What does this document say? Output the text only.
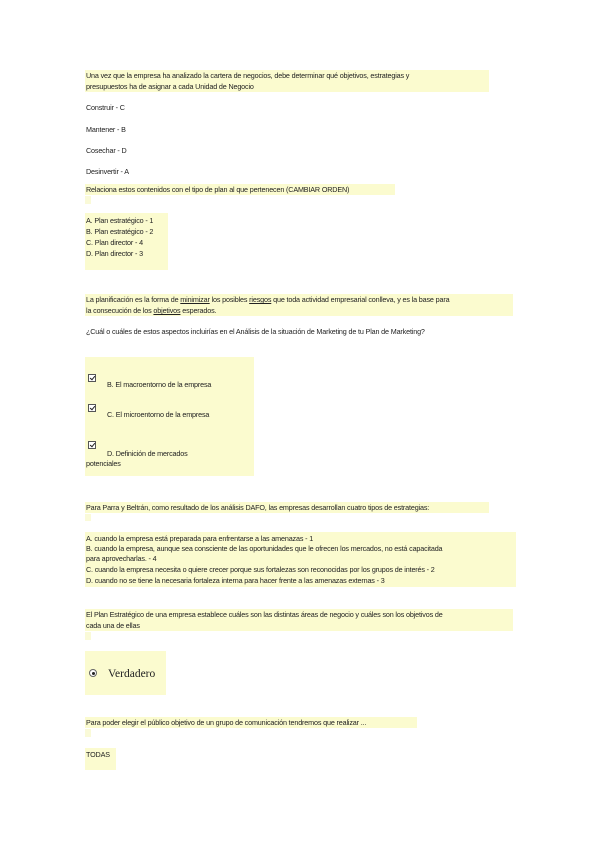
Una vez que la empresa ha analizado la cartera de negocios, debe determinar qué objetivos, estrategias y
presupuestos ha de asignar a cada Unidad de Negocio
Construir - C
Mantener - B
Cosechar - D
Desinvertir - A
Relaciona estos contenidos con el tipo de plan al que pertenecen (CAMBIAR ORDEN)
A. Plan estratégico - 1
B. Plan estratégico - 2
C. Plan director - 4
D. Plan director - 3
La planificación es la forma de minimizar los posibles riesgos que toda actividad empresarial conlleva, y es la base para
la consecución de los objetivos esperados.
¿Cuál o cuáles de estos aspectos incluirías en el Análisis de la situación de Marketing de tu Plan de Marketing?
B. El macroentorno de la empresa
C. El microentorno de la empresa
D. Definición de mercados
potenciales
Para Parra y Beltrán, como resultado de los análisis DAFO, las empresas desarrollan cuatro tipos de estrategias:
A. cuando la empresa está preparada para enfrentarse a las amenazas - 1
B. cuando la empresa, aunque sea consciente de las oportunidades que le ofrecen los mercados, no está capacitada
para aprovecharlas. - 4
C. cuando la empresa necesita o quiere crecer porque sus fortalezas son reconocidas por los grupos de interés - 2
D. cuando no se tiene la necesaria fortaleza interna para hacer frente a las amenazas externas - 3
El Plan Estratégico de una empresa establece cuáles son las distintas áreas de negocio y cuáles son los objetivos de
cada una de ellas
Verdadero
Para poder elegir el público objetivo de un grupo de comunicación tendremos que realizar ...
TODAS
